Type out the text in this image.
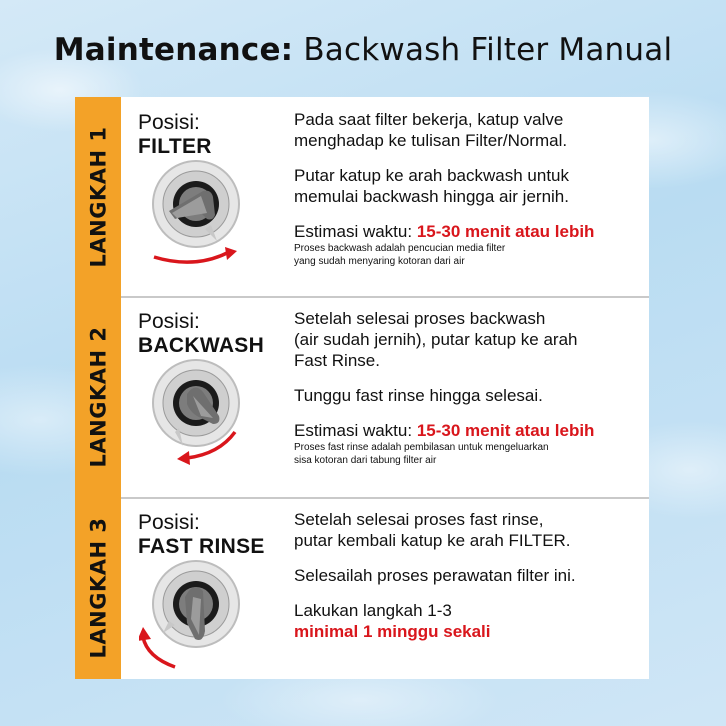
Maintenance: Backwash Filter Manual
LANGKAH 1
Posisi:
FILTER

Pada saat filter bekerja, katup valve

menghadap ke tulisan Filter/Normal.

Putar katup ke arah backwash untuk

memulai backwash hingga air jernih.

Estimasi waktu: 15-30 menit atau lebih

Proses backwash adalah pencucian media filter
yang sudah menyaring kotoran dari air

LANGKAH 2
Posisi:
BACKWASH

Setelah selesai proses backwash

(air sudah jernih), putar katup ke arah

Fast Rinse.

Tunggu fast rinse hingga selesai.

Estimasi waktu: 15-30 menit atau lebih

Proses fast rinse adalah pembilasan untuk mengeluarkan
sisa kotoran dari tabung filter air

LANGKAH 3 Posisi:
FAST RINSE

Setelah selesai proses fast rinse,

putar kembali katup ke arah FILTER.

Selesailah proses perawatan filter ini.

Lakukan langkah 1-3

minimal 1 minggu sekali
